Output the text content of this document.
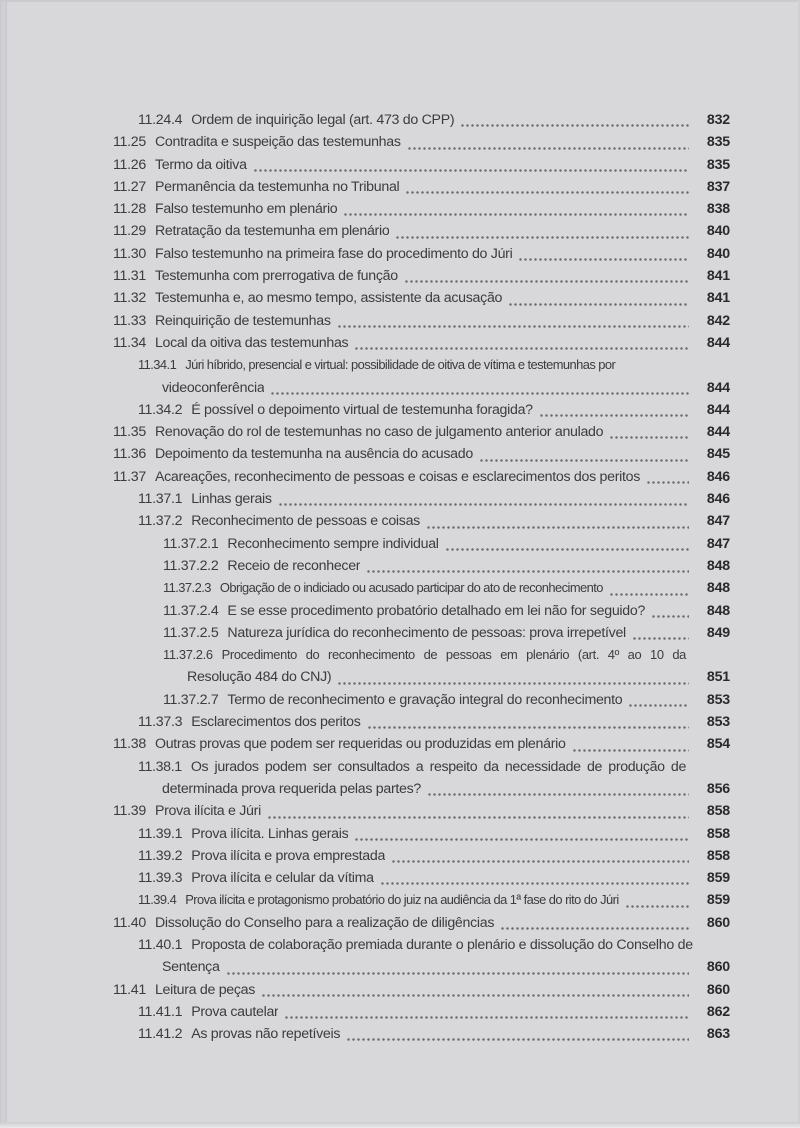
11.24.4 Ordem de inquirição legal (art. 473 do CPP)	832
11.25 Contradita e suspeição das testemunhas	835
11.26 Termo da oitiva	835
11.27 Permanência da testemunha no Tribunal	837
11.28 Falso testemunho em plenário	838
11.29 Retratação da testemunha em plenário	840
11.30 Falso testemunho na primeira fase do procedimento do Júri	840
11.31 Testemunha com prerrogativa de função	841
11.32 Testemunha e, ao mesmo tempo, assistente da acusação	841
11.33 Reinquirição de testemunhas	842
11.34 Local da oitiva das testemunhas	844
11.34.1 Júri híbrido, presencial e virtual: possibilidade de oitiva de vítima e testemunhas por
videoconferência	844
11.34.2 É possível o depoimento virtual de testemunha foragida?	844
11.35 Renovação do rol de testemunhas no caso de julgamento anterior anulado	844
11.36 Depoimento da testemunha na ausência do acusado	845
11.37 Acareações, reconhecimento de pessoas e coisas e esclarecimentos dos peritos	846
11.37.1 Linhas gerais	846
11.37.2 Reconhecimento de pessoas e coisas	847
11.37.2.1 Reconhecimento sempre individual	847
11.37.2.2 Receio de reconhecer	848
11.37.2.3 Obrigação de o indiciado ou acusado participar do ato de reconhecimento	848
11.37.2.4 E se esse procedimento probatório detalhado em lei não for seguido?	848
11.37.2.5 Natureza jurídica do reconhecimento de pessoas: prova irrepetível	849
11.37.2.6 Procedimento do reconhecimento de pessoas em plenário (art. 4º ao 10 da
Resolução 484 do CNJ)	851
11.37.2.7 Termo de reconhecimento e gravação integral do reconhecimento	853
11.37.3 Esclarecimentos dos peritos	853
11.38 Outras provas que podem ser requeridas ou produzidas em plenário	854
11.38.1 Os jurados podem ser consultados a respeito da necessidade de produção de
determinada prova requerida pelas partes?	856
11.39 Prova ilícita e Júri	858
11.39.1 Prova ilícita. Linhas gerais	858
11.39.2 Prova ilícita e prova emprestada	858
11.39.3 Prova ilícita e celular da vítima	859
11.39.4 Prova ilícita e protagonismo probatório do juiz na audiência da 1ª fase do rito do Júri	859
11.40 Dissolução do Conselho para a realização de diligências	860
11.40.1 Proposta de colaboração premiada durante o plenário e dissolução do Conselho de
Sentença	860
11.41 Leitura de peças	860
11.41.1 Prova cautelar	862
11.41.2 As provas não repetíveis	863
